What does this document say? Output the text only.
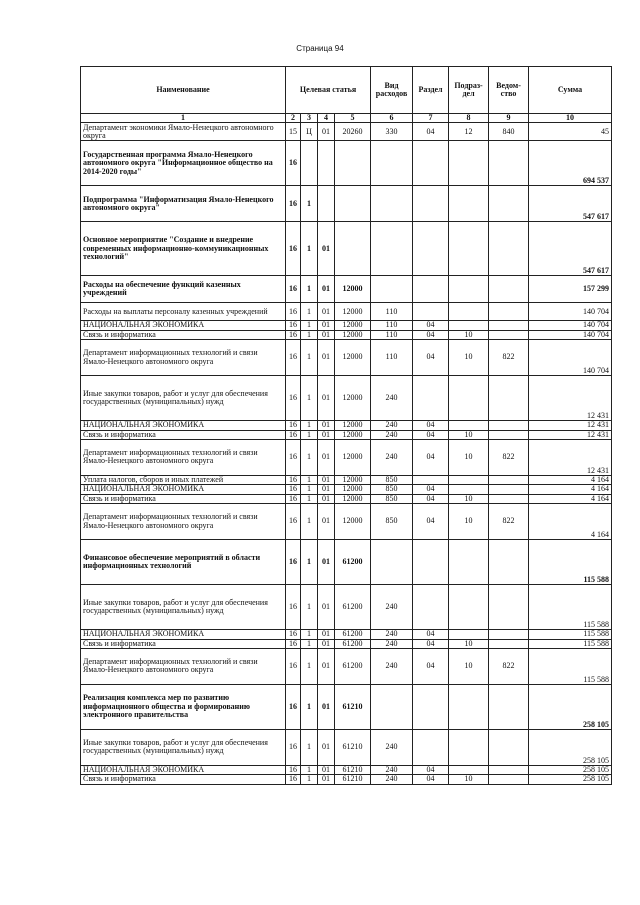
Страница 94
Наименование	Целевая статья				Вид расходов	Раздел	Подраз-дел	Ведом-ство	Сумма
1	2	3	4	5	6	7	8	9	10
Департамент экономики Ямало-Ненецкого автономного округа	15	Ц	01	20260	330	04	12	840	45
Государственная программа Ямало-Ненецкого автономного округа "Информационное общество на 2014-2020 годы"	16								694 537
Подпрограмма "Информатизация Ямало-Ненецкого автономного округа"	16	1							547 617
Основное мероприятие "Создание и внедрение современных информационно-коммуникационных технологий"	16	1	01						547 617
Расходы на обеспечение функций казенных учреждений	16	1	01	12000					157 299
Расходы на выплаты персоналу казенных учреждений	16	1	01	12000	110				140 704
НАЦИОНАЛЬНАЯ ЭКОНОМИКА	16	1	01	12000	110	04			140 704
Связь и информатика	16	1	01	12000	110	04	10		140 704
Департамент информационных технологий и связи Ямало-Ненецкого автономного округа	16	1	01	12000	110	04	10	822	140 704
Иные закупки товаров, работ и услуг для обеспечения государственных (муниципальных) нужд	16	1	01	12000	240				12 431
НАЦИОНАЛЬНАЯ ЭКОНОМИКА	16	1	01	12000	240	04			12 431
Связь и информатика	16	1	01	12000	240	04	10		12 431
Департамент информационных технологий и связи Ямало-Ненецкого автономного округа	16	1	01	12000	240	04	10	822	12 431
Уплата налогов, сборов и иных платежей	16	1	01	12000	850				4 164
НАЦИОНАЛЬНАЯ ЭКОНОМИКА	16	1	01	12000	850	04			4 164
Связь и информатика	16	1	01	12000	850	04	10		4 164
Департамент информационных технологий и связи Ямало-Ненецкого автономного округа	16	1	01	12000	850	04	10	822	4 164
Финансовое обеспечение мероприятий в области информационных технологий	16	1	01	61200					115 588
Иные закупки товаров, работ и услуг для обеспечения государственных (муниципальных) нужд	16	1	01	61200	240				115 588
НАЦИОНАЛЬНАЯ ЭКОНОМИКА	16	1	01	61200	240	04			115 588
Связь и информатика	16	1	01	61200	240	04	10		115 588
Департамент информационных технологий и связи Ямало-Ненецкого автономного округа	16	1	01	61200	240	04	10	822	115 588
Реализация комплекса мер по развитию информационного общества и формированию электронного правительства	16	1	01	61210					258 105
Иные закупки товаров, работ и услуг для обеспечения государственных (муниципальных) нужд	16	1	01	61210	240				258 105
НАЦИОНАЛЬНАЯ ЭКОНОМИКА	16	1	01	61210	240	04			258 105
Связь и информатика	16	1	01	61210	240	04	10		258 105
